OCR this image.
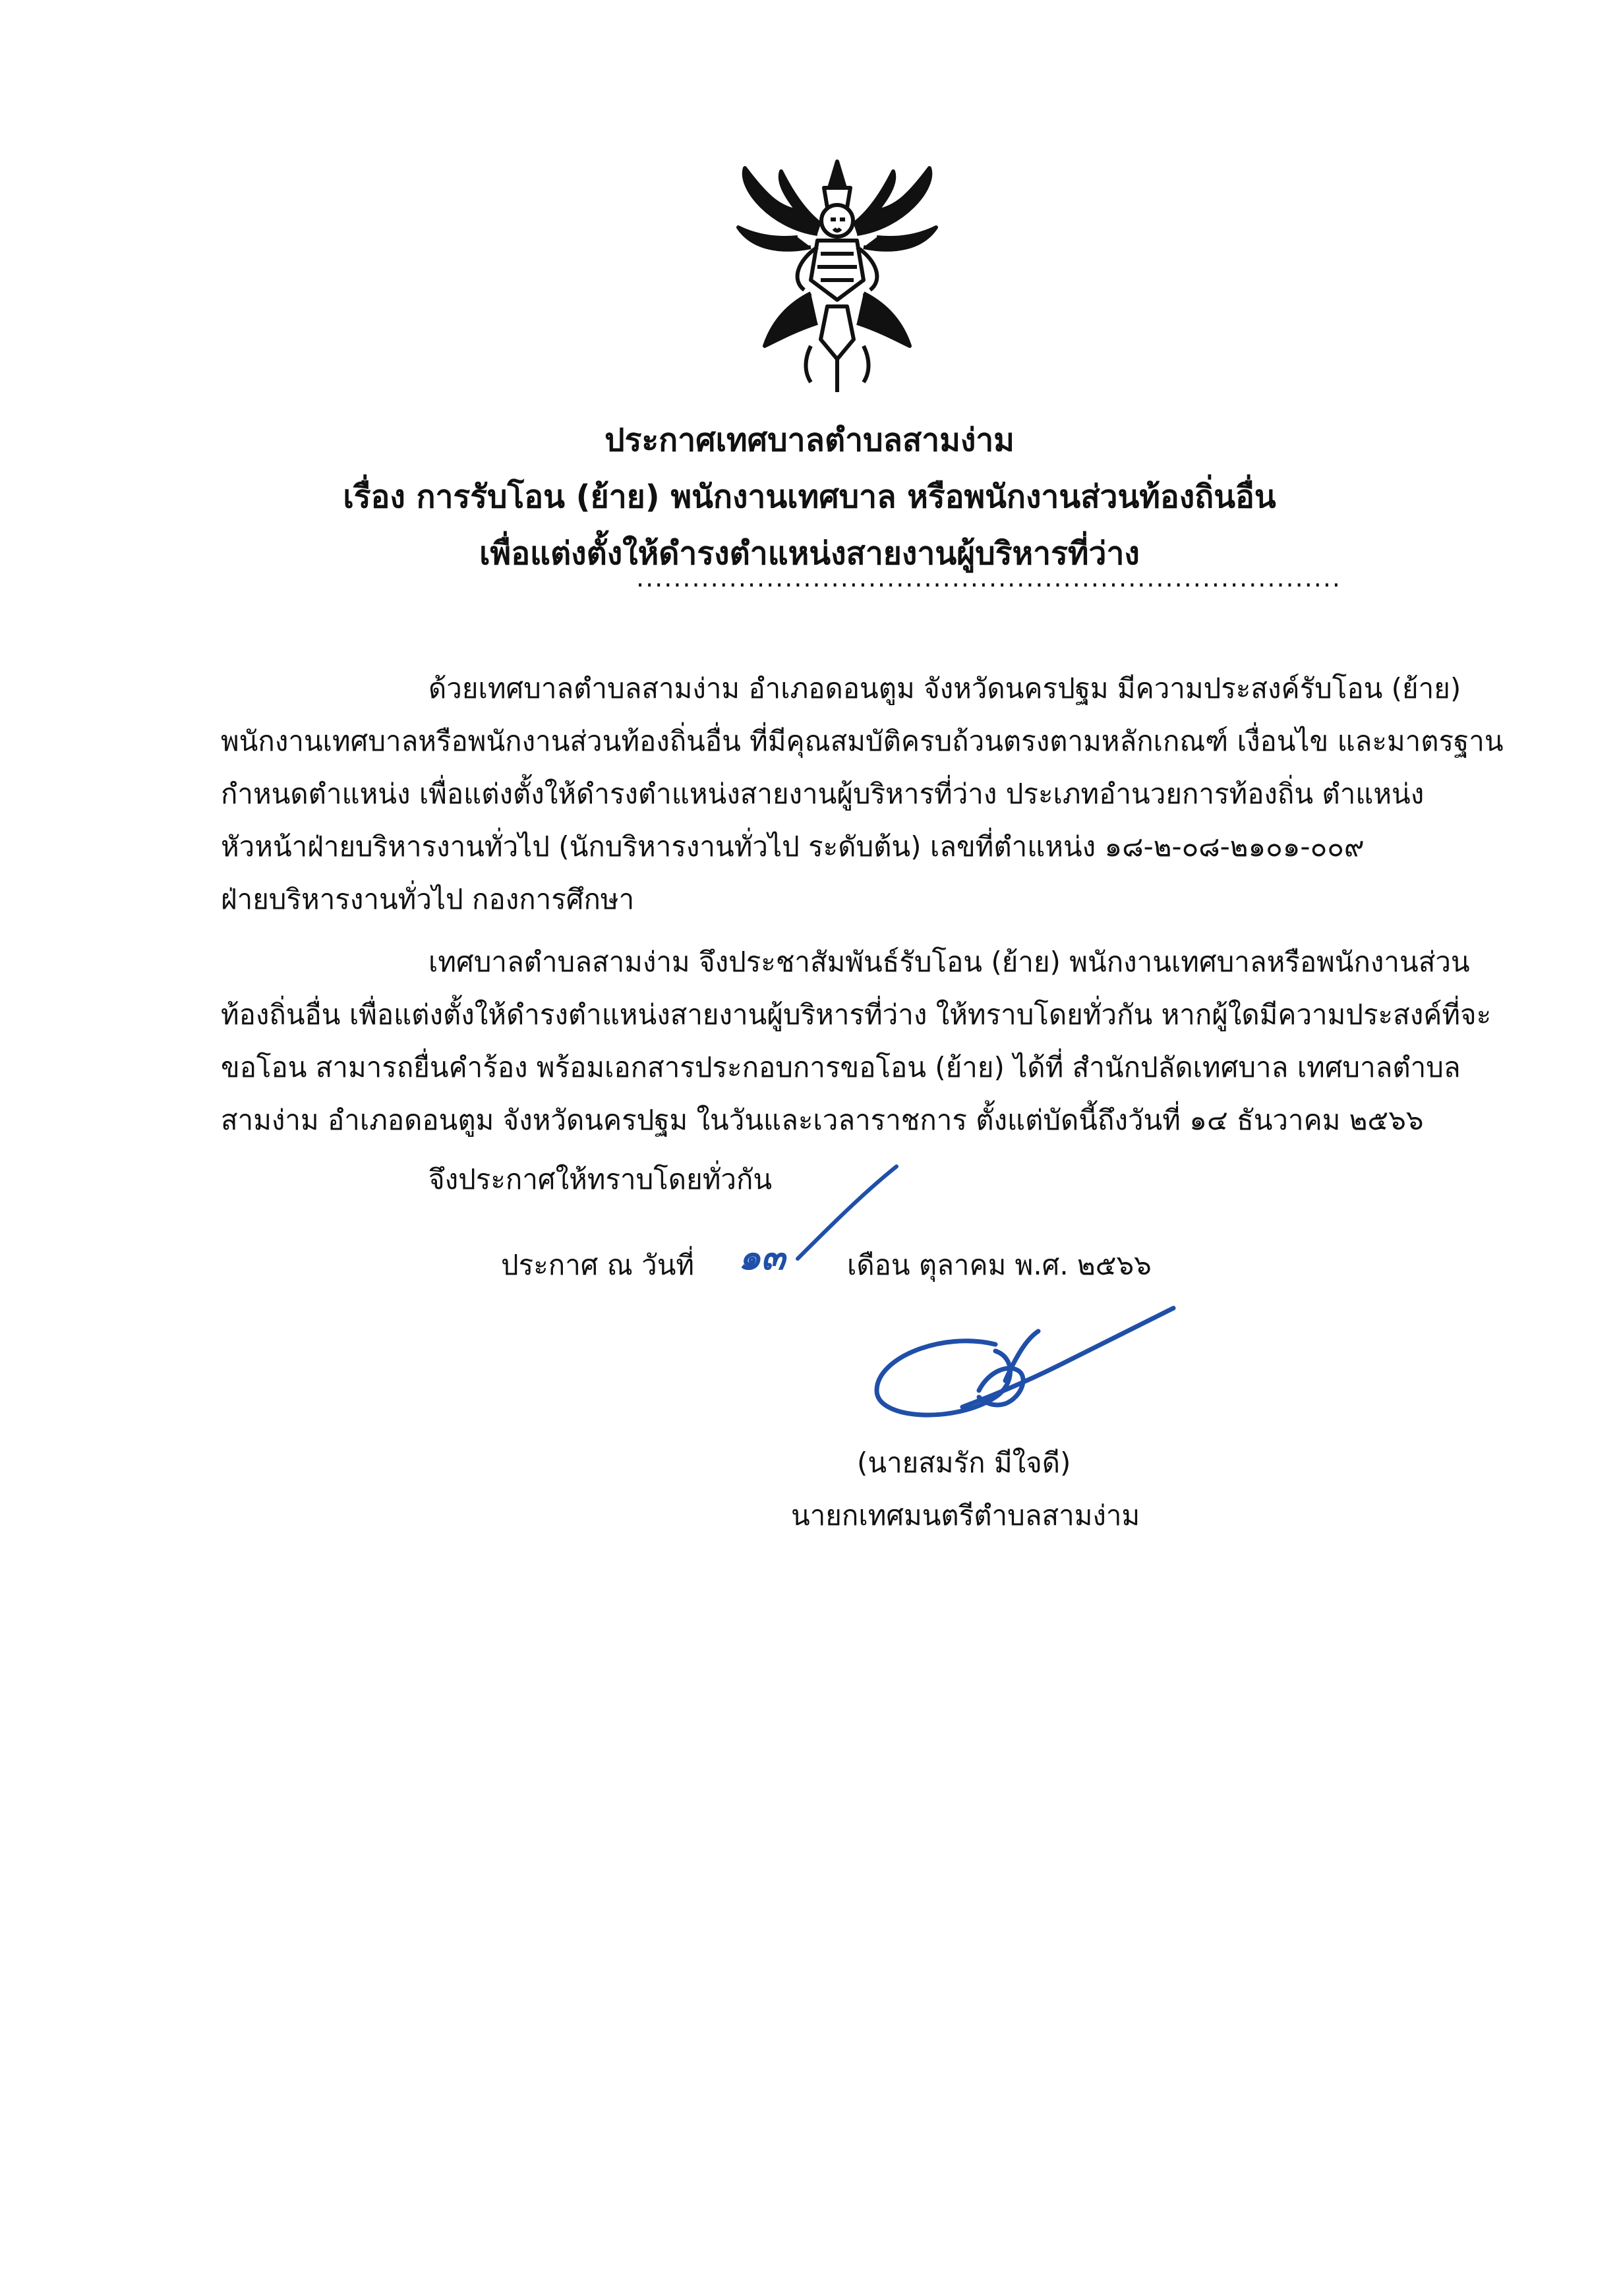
ประกาศเทศบาลตำบลสามง่าม
เรื่อง การรับโอน (ย้าย) พนักงานเทศบาล หรือพนักงานส่วนท้องถิ่นอื่น
เพื่อแต่งตั้งให้ดำรงตำแหน่งสายงานผู้บริหารที่ว่าง
............................................................................
ด้วยเทศบาลตำบลสามง่าม อำเภอดอนตูม จังหวัดนครปฐม มีความประสงค์รับโอน (ย้าย)
พนักงานเทศบาลหรือพนักงานส่วนท้องถิ่นอื่น ที่มีคุณสมบัติครบถ้วนตรงตามหลักเกณฑ์ เงื่อนไข และมาตรฐาน
กำหนดตำแหน่ง เพื่อแต่งตั้งให้ดำรงตำแหน่งสายงานผู้บริหารที่ว่าง ประเภทอำนวยการท้องถิ่น ตำแหน่ง
หัวหน้าฝ่ายบริหารงานทั่วไป (นักบริหารงานทั่วไป ระดับต้น) เลขที่ตำแหน่ง ๑๘-๒-๐๘-๒๑๐๑-๐๐๙
ฝ่ายบริหารงานทั่วไป กองการศึกษา
เทศบาลตำบลสามง่าม จึงประชาสัมพันธ์รับโอน (ย้าย) พนักงานเทศบาลหรือพนักงานส่วน
ท้องถิ่นอื่น เพื่อแต่งตั้งให้ดำรงตำแหน่งสายงานผู้บริหารที่ว่าง ให้ทราบโดยทั่วกัน หากผู้ใดมีความประสงค์ที่จะ
ขอโอน สามารถยื่นคำร้อง พร้อมเอกสารประกอบการขอโอน (ย้าย) ได้ที่ สำนักปลัดเทศบาล เทศบาลตำบล
สามง่าม อำเภอดอนตูม จังหวัดนครปฐม ในวันและเวลาราชการ ตั้งแต่บัดนี้ถึงวันที่ ๑๔ ธันวาคม ๒๕๖๖
จึงประกาศให้ทราบโดยทั่วกัน
ประกาศ ณ วันที่ ๑๓ เดือน ตุลาคม พ.ศ. ๒๕๖๖
(นายสมรัก มีใจดี)
นายกเทศมนตรีตำบลสามง่าม
